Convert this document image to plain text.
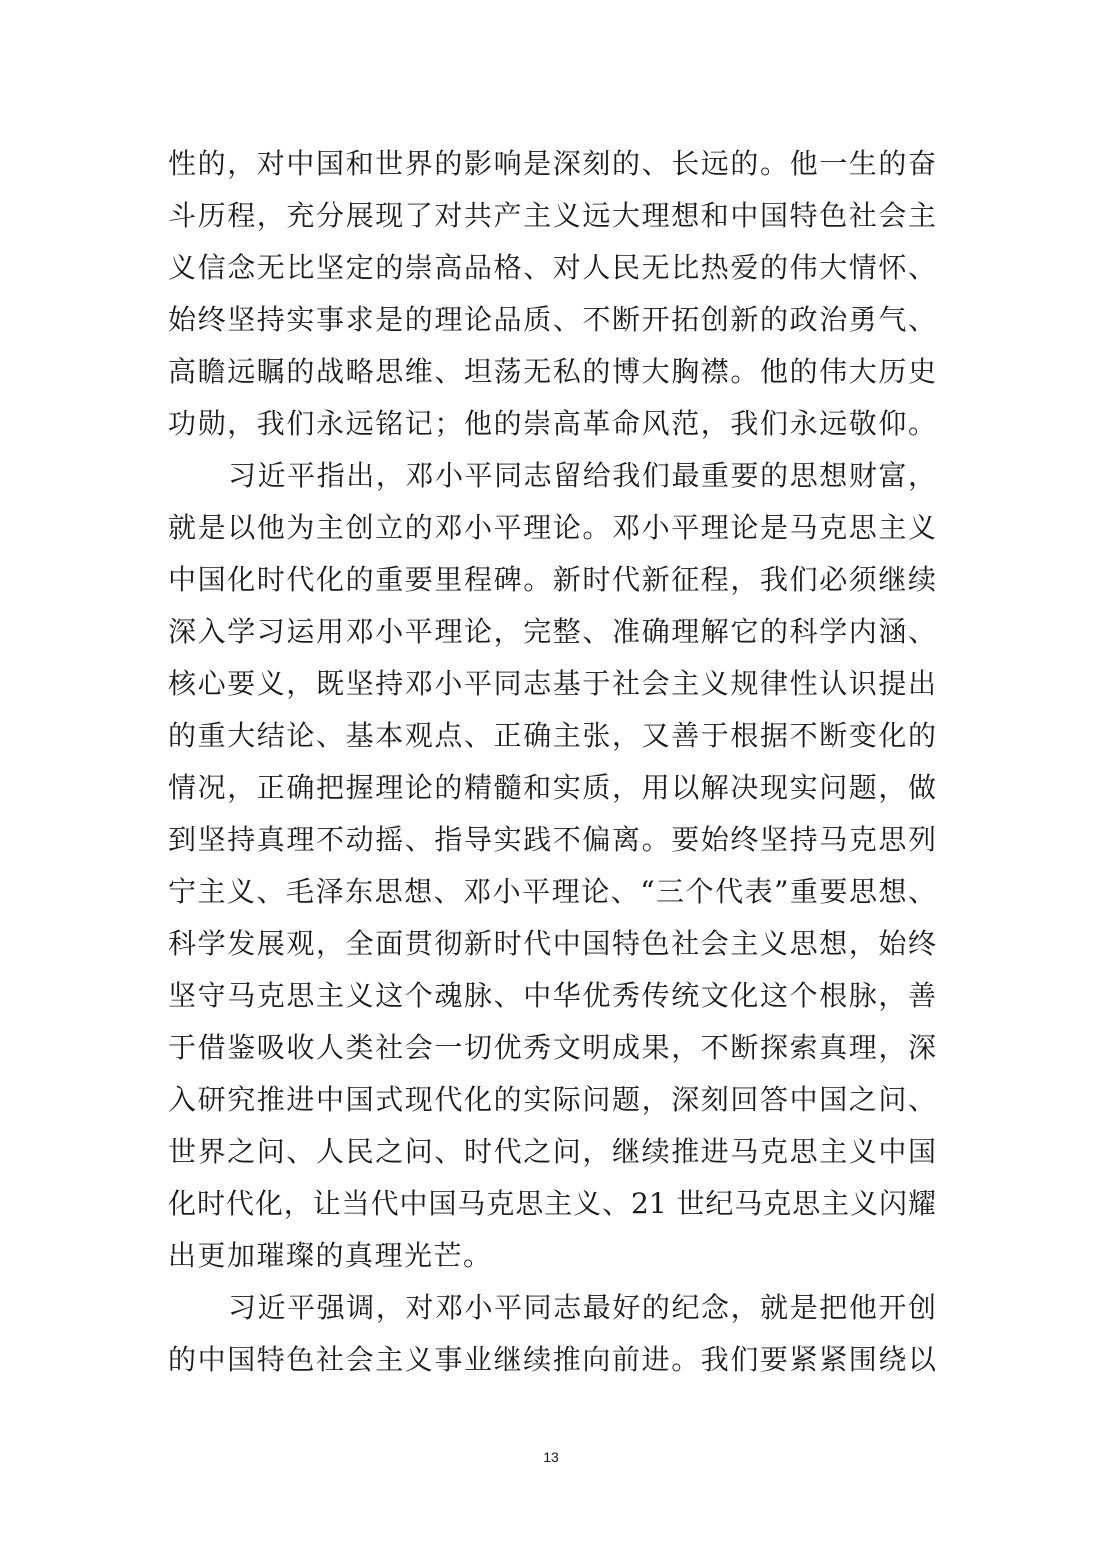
性的，对中国和世界的影响是深刻的、长远的。他一生的奋
斗历程，充分展现了对共产主义远大理想和中国特色社会主
义信念无比坚定的崇高品格、对人民无比热爱的伟大情怀、
始终坚持实事求是的理论品质、不断开拓创新的政治勇气、
高瞻远瞩的战略思维、坦荡无私的博大胸襟。他的伟大历史
功勋，我们永远铭记；他的崇高革命风范，我们永远敬仰。
习近平指出，邓小平同志留给我们最重要的思想财富，
就是以他为主创立的邓小平理论。邓小平理论是马克思主义
中国化时代化的重要里程碑。新时代新征程，我们必须继续
深入学习运用邓小平理论，完整、准确理解它的科学内涵、
核心要义，既坚持邓小平同志基于社会主义规律性认识提出
的重大结论、基本观点、正确主张，又善于根据不断变化的
情况，正确把握理论的精髓和实质，用以解决现实问题，做
到坚持真理不动摇、指导实践不偏离。要始终坚持马克思列
宁主义、毛泽东思想、邓小平理论、“三个代表”重要思想、
科学发展观，全面贯彻新时代中国特色社会主义思想，始终
坚守马克思主义这个魂脉、中华优秀传统文化这个根脉，善
于借鉴吸收人类社会一切优秀文明成果，不断探索真理，深
入研究推进中国式现代化的实际问题，深刻回答中国之问、
世界之问、人民之问、时代之问，继续推进马克思主义中国
化时代化，让当代中国马克思主义、21 世纪马克思主义闪耀
出更加璀璨的真理光芒。
习近平强调，对邓小平同志最好的纪念，就是把他开创
的中国特色社会主义事业继续推向前进。我们要紧紧围绕以
13
